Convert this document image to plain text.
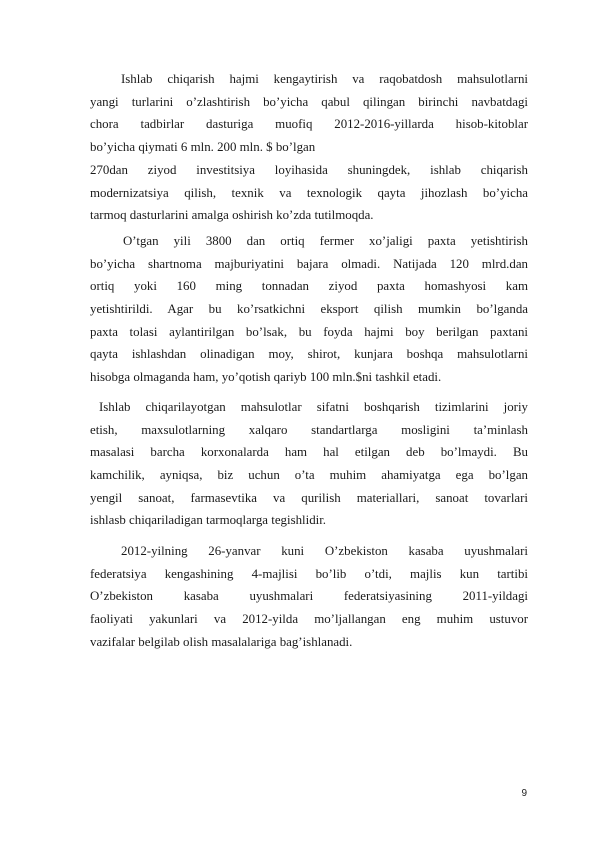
Ishlab chiqarish hajmi kengaytirish va raqobatdosh mahsulotlarni
yangi turlarini o’zlashtirish bo’yicha qabul qilingan birinchi navbatdagi
chora tadbirlar dasturiga muofiq 2012-2016-yillarda hisob-kitoblar
bo’yicha qiymati 6 mln. 200 mln. $ bo’lgan
270dan ziyod investitsiya loyihasida shuningdek, ishlab chiqarish
modernizatsiya qilish, texnik va texnologik qayta jihozlash bo’yicha
tarmoq dasturlarini amalga oshirish ko’zda tutilmoqda.

O’tgan yili 3800 dan ortiq fermer xo’jaligi paxta yetishtirish
bo’yicha shartnoma majburiyatini bajara olmadi. Natijada 120 mlrd.dan
ortiq yoki 160 ming tonnadan ziyod paxta homashyosi kam
yetishtirildi. Agar bu ko’rsatkichni eksport qilish mumkin bo’lganda
paxta tolasi aylantirilgan bo’lsak, bu foyda hajmi boy berilgan paxtani
qayta ishlashdan olinadigan moy, shirot, kunjara boshqa mahsulotlarni
hisobga olmaganda ham, yo’qotish qariyb 100 mln.$ni tashkil etadi.

Ishlab chiqarilayotgan mahsulotlar sifatni boshqarish tizimlarini joriy
etish, maxsulotlarning xalqaro standartlarga mosligini ta’minlash
masalasi barcha korxonalarda ham hal etilgan deb bo’lmaydi. Bu
kamchilik, ayniqsa, biz uchun o’ta muhim ahamiyatga ega bo’lgan
yengil sanoat, farmasevtika va qurilish materiallari, sanoat tovarlari
ishlasb chiqariladigan tarmoqlarga tegishlidir.

2012-yilning 26-yanvar kuni O’zbekiston kasaba uyushmalari
federatsiya kengashining 4-majlisi bo’lib o’tdi, majlis kun tartibi
O’zbekiston kasaba uyushmalari federatsiyasining 2011-yildagi
faoliyati yakunlari va 2012-yilda mo’ljallangan eng muhim ustuvor
vazifalar belgilab olish masalalariga bag’ishlanadi.

9
